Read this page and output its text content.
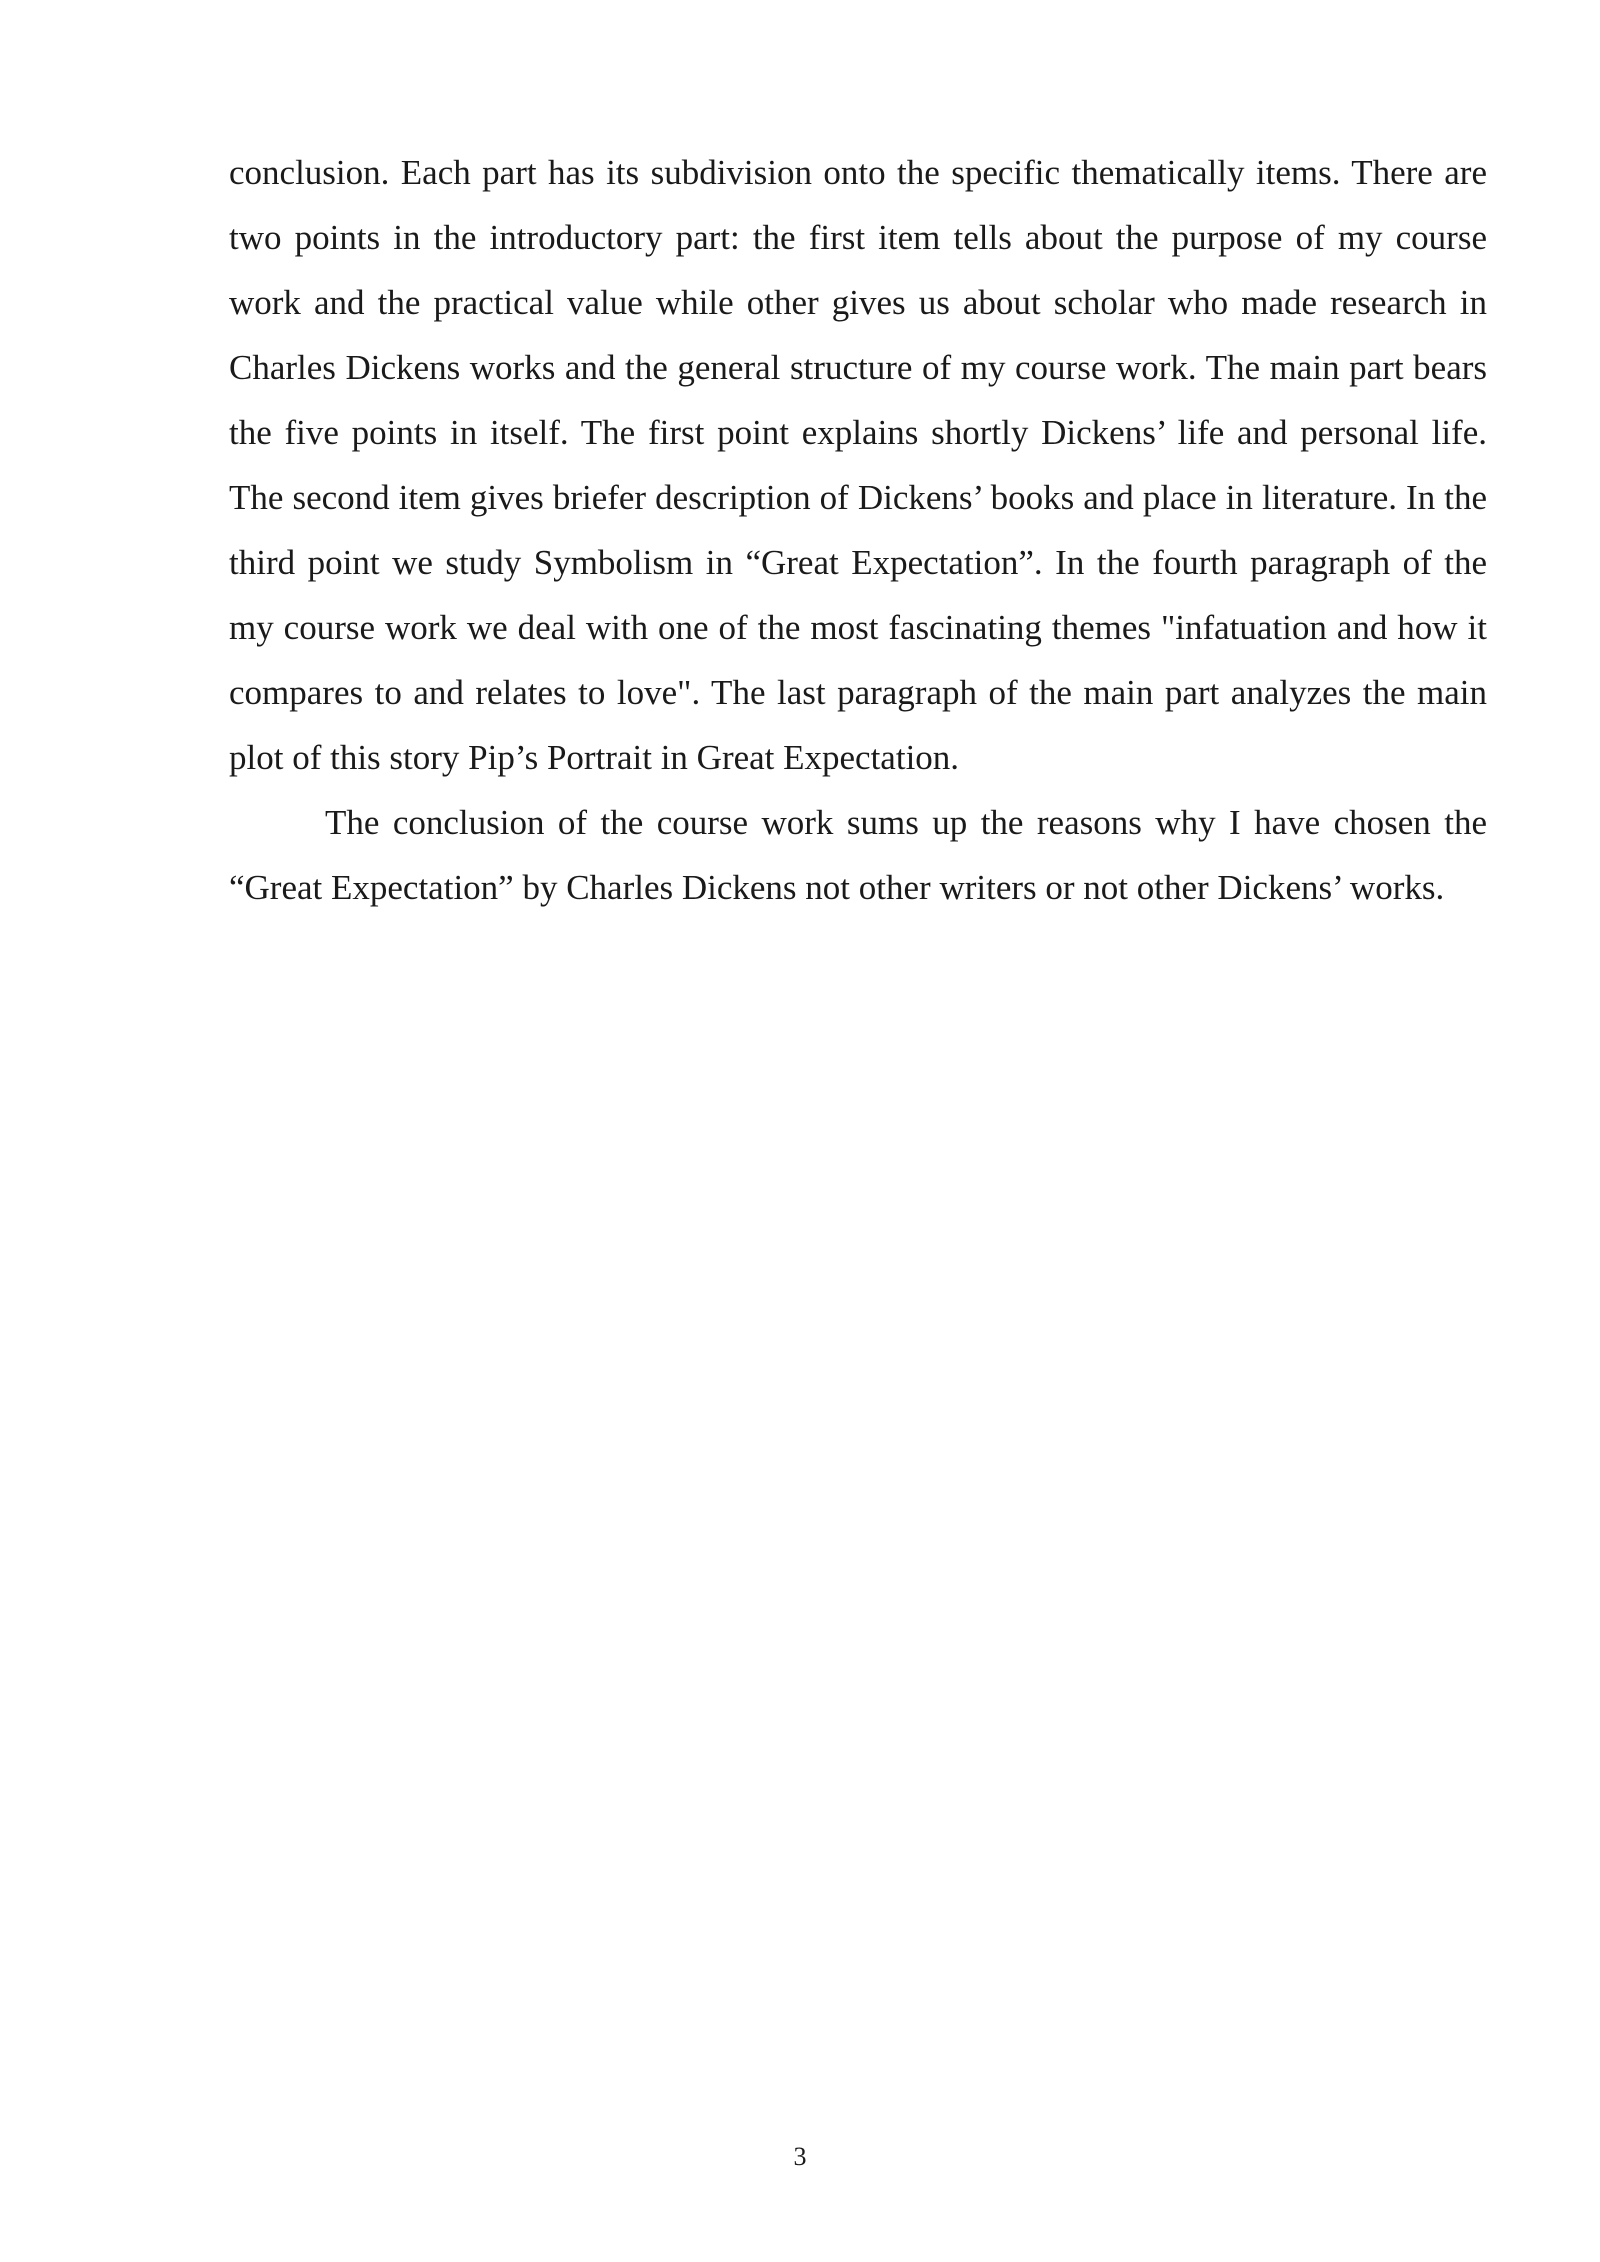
conclusion. Each part has its subdivision onto the specific thematically items. There are two points in the introductory part: the first item tells about the purpose of my course work and the practical value while other gives us about scholar who made research in Charles Dickens works and the general structure of my course work. The main part bears the five points in itself. The first point explains shortly Dickens’ life and personal life. The second item gives briefer description of Dickens’ books and place in literature. In the third point we study Symbolism in “Great Expectation”. In the fourth paragraph of the my course work we deal with one of the most fascinating themes "infatuation and how it compares to and relates to love". The last paragraph of the main part analyzes the main plot of this story Pip’s Portrait in Great Expectation.

The conclusion of the course work sums up the reasons why I have chosen the “Great Expectation” by Charles Dickens not other writers or not other Dickens’ works.

3
